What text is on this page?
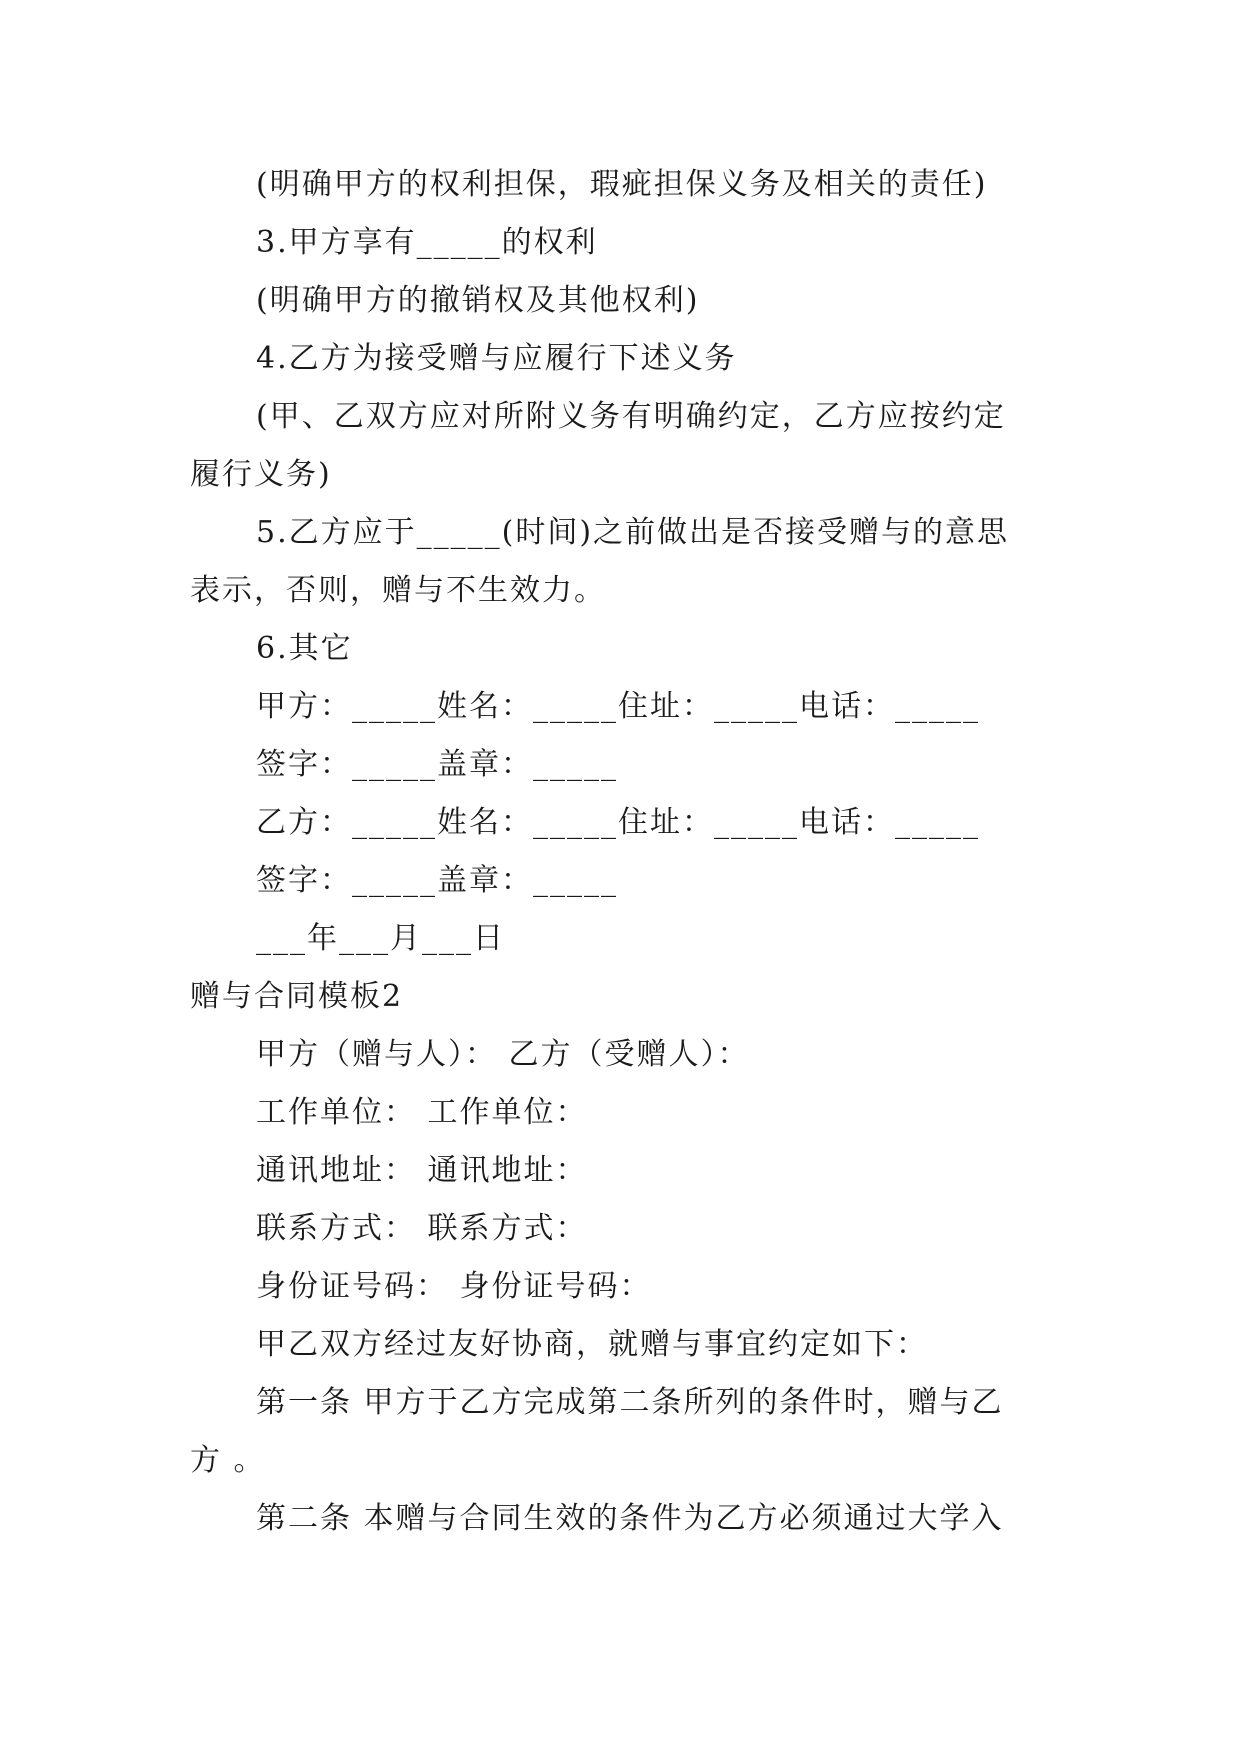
(明确甲方的权利担保，瑕疵担保义务及相关的责任)
3.甲方享有_____的权利
(明确甲方的撤销权及其他权利)
4.乙方为接受赠与应履行下述义务
(甲、乙双方应对所附义务有明确约定，乙方应按约定
履行义务)
5.乙方应于_____(时间)之前做出是否接受赠与的意思
表示，否则，赠与不生效力。
6.其它
甲方：_____姓名：_____住址：_____电话：_____
签字：_____盖章：_____
乙方：_____姓名：_____住址：_____电话：_____
签字：_____盖章：_____
___年___月___日
赠与合同模板2
甲方（赠与人）： 乙方（受赠人）：
工作单位： 工作单位：
通讯地址： 通讯地址：
联系方式： 联系方式：
身份证号码： 身份证号码：
甲乙双方经过友好协商，就赠与事宜约定如下：
第一条 甲方于乙方完成第二条所列的条件时，赠与乙
方 。
第二条 本赠与合同生效的条件为乙方必须通过大学入
